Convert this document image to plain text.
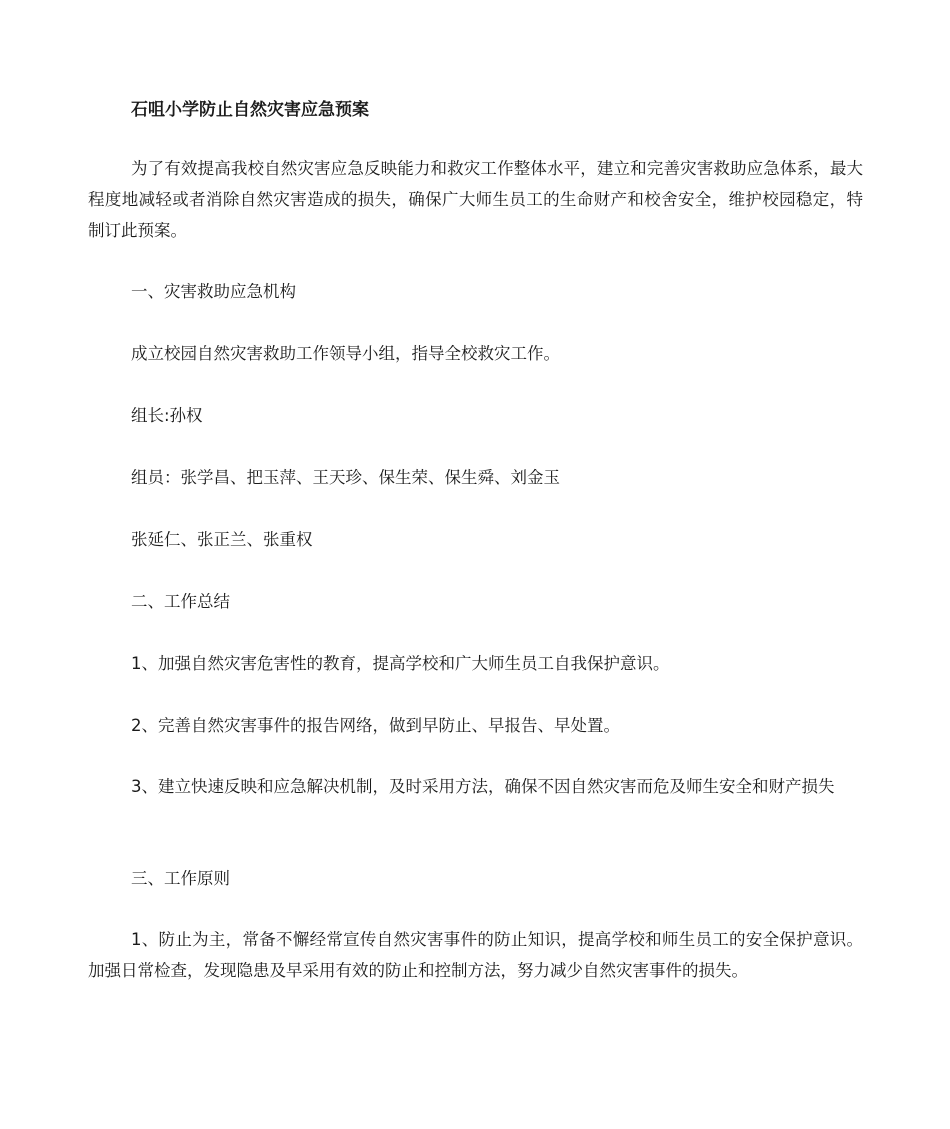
石咀小学防止自然灾害应急预案

为了有效提高我校自然灾害应急反映能力和救灾工作整体水平，建立和完善灾害救助应急体系，最大程度地减轻或者消除自然灾害造成的损失，确保广大师生员工的生命财产和校舍安全，维护校园稳定，特制订此预案。

一、灾害救助应急机构
成立校园自然灾害救助工作领导小组，指导全校救灾工作。
组长:孙权
组员：张学昌、把玉萍、王天珍、保生荣、保生舜、刘金玉
张延仁、张正兰、张重权
二、工作总结
1、加强自然灾害危害性的教育，提高学校和广大师生员工自我保护意识。
2、完善自然灾害事件的报告网络，做到早防止、早报告、早处置。

3、建立快速反映和应急解决机制，及时采用方法，确保不因自然灾害而危及师生安全和财产损失

三、工作原则

1、防止为主，常备不懈经常宣传自然灾害事件的防止知识，提高学校和师生员工的安全保护意识。加强日常检查，发现隐患及早采用有效的防止和控制方法，努力减少自然灾害事件的损失。
